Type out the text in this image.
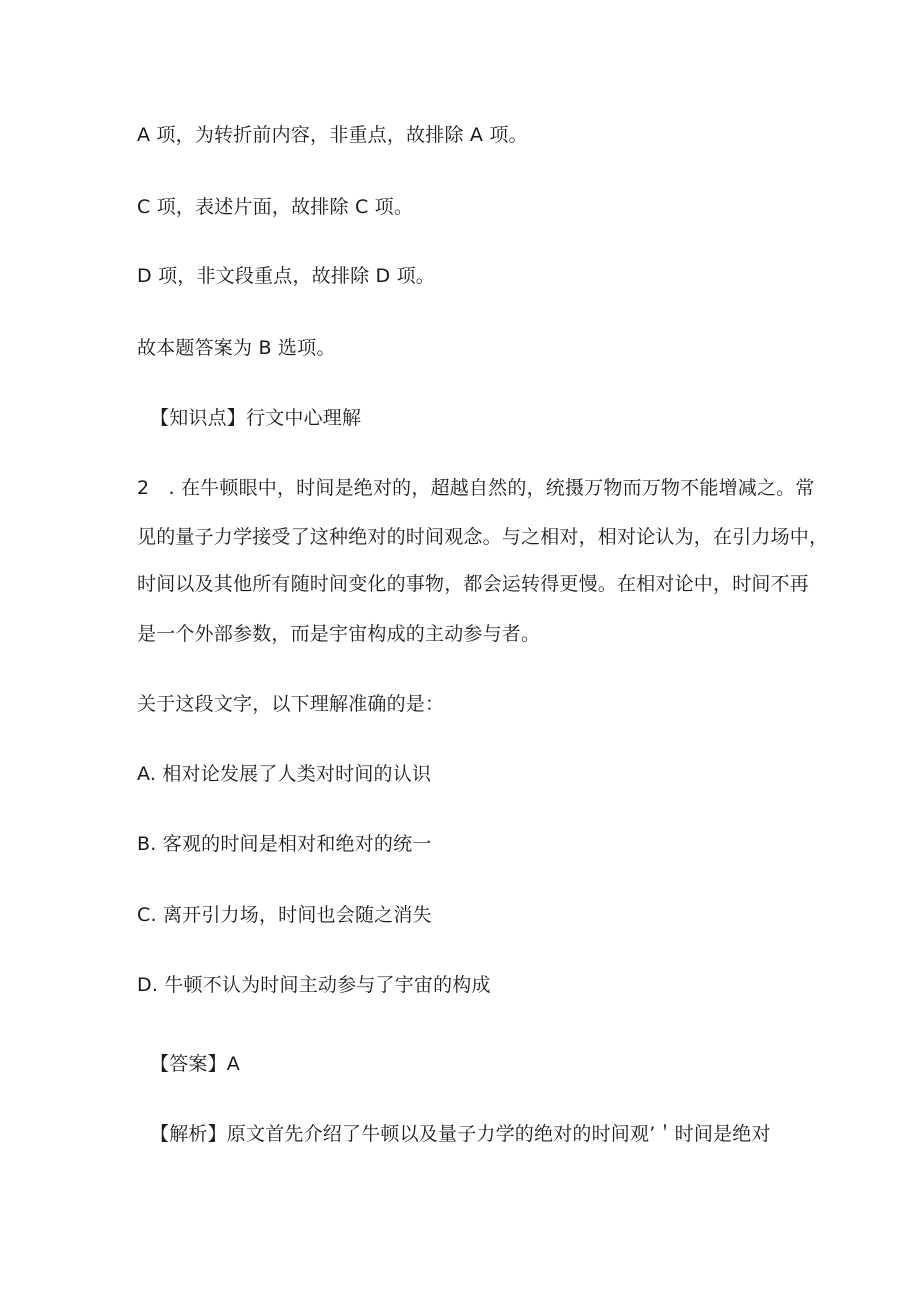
A 项，为转折前内容，非重点，故排除 A 项。
C 项，表述片面，故排除 C 项。
D 项，非文段重点，故排除 D 项。
故本题答案为 B 选项。
【知识点】行文中心理解
2　. 在牛顿眼中，时间是绝对的，超越自然的，统摄万物而万物不能增减之。常
见的量子力学接受了这种绝对的时间观念。与之相对，相对论认为，在引力场中，
时间以及其他所有随时间变化的事物，都会运转得更慢。在相对论中，时间不再
是一个外部参数，而是宇宙构成的主动参与者。
关于这段文字，以下理解准确的是：
A. 相对论发展了人类对时间的认识
B. 客观的时间是相对和绝对的统一
C. 离开引力场，时间也会随之消失
D. 牛顿不认为时间主动参与了宇宙的构成
【答案】A
【解析】原文首先介绍了牛顿以及量子力学的绝对的时间观’＇时间是绝对
